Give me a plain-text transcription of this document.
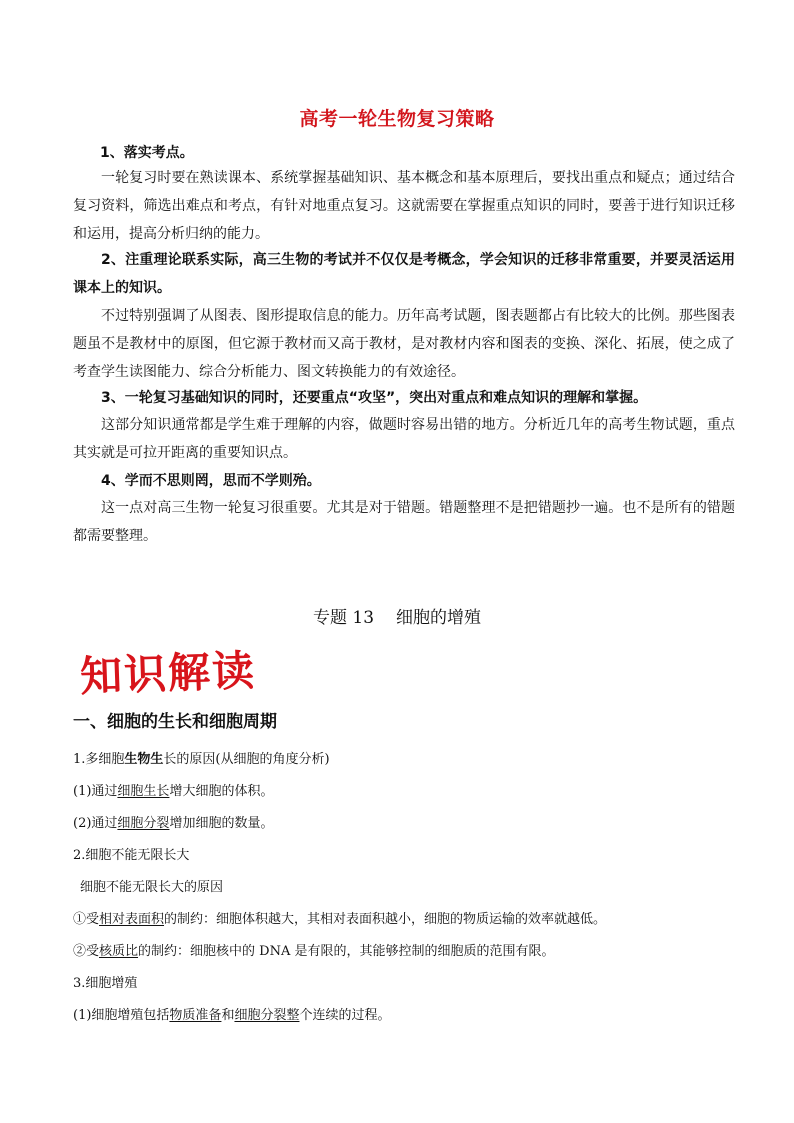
高考一轮生物复习策略
1、落实考点。
一轮复习时要在熟读课本、系统掌握基础知识、基本概念和基本原理后，要找出重点和疑点；通过结合复习资料，筛选出难点和考点，有针对地重点复习。这就需要在掌握重点知识的同时，要善于进行知识迁移和运用，提高分析归纳的能力。
2、注重理论联系实际，高三生物的考试并不仅仅是考概念，学会知识的迁移非常重要，并要灵活运用课本上的知识。
不过特别强调了从图表、图形提取信息的能力。历年高考试题，图表题都占有比较大的比例。那些图表题虽不是教材中的原图，但它源于教材而又高于教材，是对教材内容和图表的变换、深化、拓展，使之成了考查学生读图能力、综合分析能力、图文转换能力的有效途径。
3、一轮复习基础知识的同时，还要重点“攻坚”，突出对重点和难点知识的理解和掌握。
这部分知识通常都是学生难于理解的内容，做题时容易出错的地方。分析近几年的高考生物试题，重点其实就是可拉开距离的重要知识点。
4、学而不思则罔，思而不学则殆。
这一点对高三生物一轮复习很重要。尤其是对于错题。错题整理不是把错题抄一遍。也不是所有的错题都需要整理。
专题 13 细胞的增殖
知识解读
一、细胞的生长和细胞周期
1.多细胞生物生长的原因(从细胞的角度分析)
(1)通过细胞生长增大细胞的体积。
(2)通过细胞分裂增加细胞的数量。
2.细胞不能无限长大
细胞不能无限长大的原因
①受相对表面积的制约：细胞体积越大，其相对表面积越小，细胞的物质运输的效率就越低。
②受核质比的制约：细胞核中的 DNA 是有限的，其能够控制的细胞质的范围有限。
3.细胞增殖
(1)细胞增殖包括物质准备和细胞分裂整个连续的过程。
